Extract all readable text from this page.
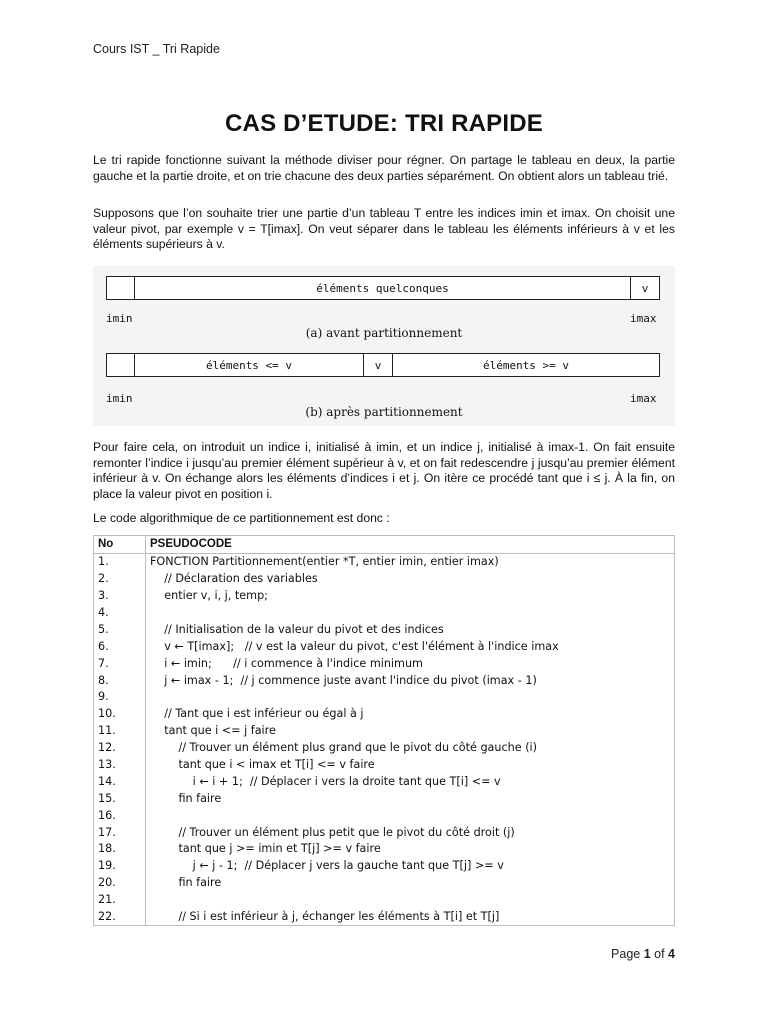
Cours IST _ Tri Rapide
CAS D’ETUDE: TRI RAPIDE

Le tri rapide fonctionne suivant la méthode diviser pour régner. On partage le tableau en deux, la partie gauche et la partie droite, et on trie chacune des deux parties séparément. On obtient alors un tableau trié.

Supposons que l’on souhaite trier une partie d’un tableau T entre les indices imin et imax. On choisit une valeur pivot, par exemple v = T[imax]. On veut séparer dans le tableau les éléments inférieurs à v et les éléments supérieurs à v.

éléments quelconques	v
imin	imax
(a) avant partitionnement
éléments <= v	v	éléments >= v
imin	imax
(b) après partitionnement

Pour faire cela, on introduit un indice i, initialisé à imin, et un indice j, initialisé à imax-1. On fait ensuite remonter l’indice i jusqu’au premier élément supérieur à v, et on fait redescendre j jusqu’au premier élément inférieur à v. On échange alors les éléments d’indices i et j. On itère ce procédé tant que i ≤ j. À la fin, on place la valeur pivot en position i.

Le code algorithmique de ce partitionnement est donc :

No	PSEUDOCODE
1.	FONCTION Partitionnement(entier *T, entier imin, entier imax)
2.	// Déclaration des variables
3.	entier v, i, j, temp;
4.	
5.	// Initialisation de la valeur du pivot et des indices
6.	v ← T[imax];   // v est la valeur du pivot, c'est l'élément à l'indice imax
7.	i ← imin;      // i commence à l'indice minimum
8.	j ← imax - 1;  // j commence juste avant l'indice du pivot (imax - 1)
9.	
10.	// Tant que i est inférieur ou égal à j
11.	tant que i <= j faire
12.	// Trouver un élément plus grand que le pivot du côté gauche (i)
13.	tant que i < imax et T[i] <= v faire
14.	i ← i + 1;  // Déplacer i vers la droite tant que T[i] <= v
15.	fin faire
16.	
17.	// Trouver un élément plus petit que le pivot du côté droit (j)
18.	tant que j >= imin et T[j] >= v faire
19.	j ← j - 1;  // Déplacer j vers la gauche tant que T[j] >= v
20.	fin faire
21.	
22.	// Si i est inférieur à j, échanger les éléments à T[i] et T[j]
Page 1 of 4
